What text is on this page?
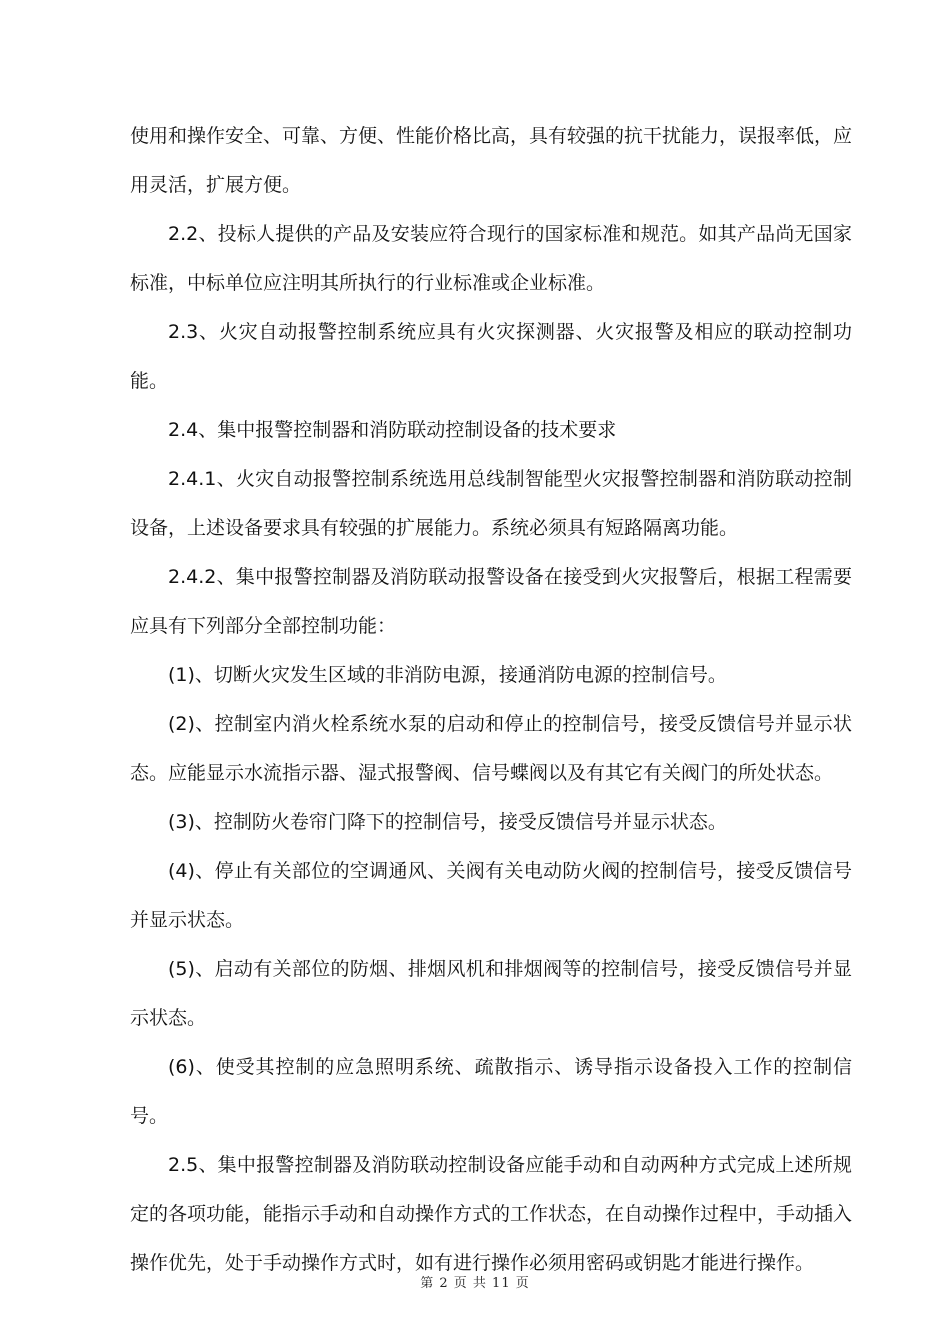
使用和操作安全、可靠、方便、性能价格比高，具有较强的抗干扰能力，误报率低，应用灵活，扩展方便。

2.2、投标人提供的产品及安装应符合现行的国家标准和规范。如其产品尚无国家标准，中标单位应注明其所执行的行业标准或企业标准。

2.3、火灾自动报警控制系统应具有火灾探测器、火灾报警及相应的联动控制功能。

2.4、集中报警控制器和消防联动控制设备的技术要求

2.4.1、火灾自动报警控制系统选用总线制智能型火灾报警控制器和消防联动控制设备，上述设备要求具有较强的扩展能力。系统必须具有短路隔离功能。

2.4.2、集中报警控制器及消防联动报警设备在接受到火灾报警后，根据工程需要应具有下列部分全部控制功能：

(1)、切断火灾发生区域的非消防电源，接通消防电源的控制信号。

(2)、控制室内消火栓系统水泵的启动和停止的控制信号，接受反馈信号并显示状态。应能显示水流指示器、湿式报警阀、信号蝶阀以及有其它有关阀门的所处状态。

(3)、控制防火卷帘门降下的控制信号，接受反馈信号并显示状态。

(4)、停止有关部位的空调通风、关阀有关电动防火阀的控制信号，接受反馈信号并显示状态。

(5)、启动有关部位的防烟、排烟风机和排烟阀等的控制信号，接受反馈信号并显示状态。

(6)、使受其控制的应急照明系统、疏散指示、诱导指示设备投入工作的控制信号。

2.5、集中报警控制器及消防联动控制设备应能手动和自动两种方式完成上述所规定的各项功能，能指示手动和自动操作方式的工作状态，在自动操作过程中，手动插入操作优先，处于手动操作方式时，如有进行操作必须用密码或钥匙才能进行操作。

第 2 页 共 11 页
